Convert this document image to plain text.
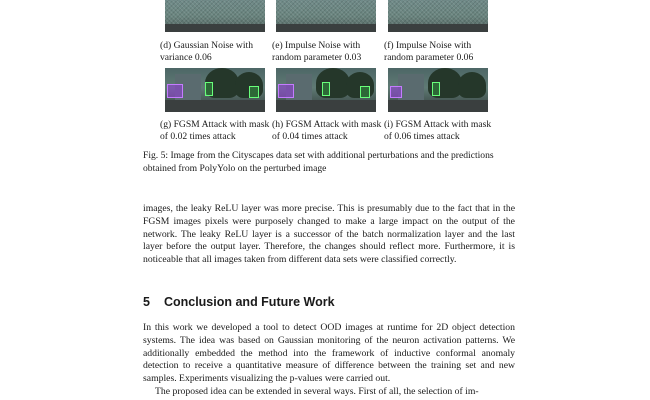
(d) Gaussian Noise with variance 0.06
(e) Impulse Noise with random parameter 0.03
(f) Impulse Noise with random parameter 0.06
(g) FGSM Attack with mask of 0.02 times attack
(h) FGSM Attack with mask of 0.04 times attack
(i) FGSM Attack with mask of 0.06 times attack
Fig. 5: Image from the Cityscapes data set with additional perturbations and the predictions obtained from PolyYolo on the perturbed image
images, the leaky ReLU layer was more precise. This is presumably due to the fact that in the FGSM images pixels were purposely changed to make a large impact on the output of the network. The leaky ReLU layer is a successor of the batch normalization layer and the last layer before the output layer. Therefore, the changes should reflect more. Furthermore, it is noticeable that all images taken from different data sets were classified correctly.
5 Conclusion and Future Work
In this work we developed a tool to detect OOD images at runtime for 2D object detection systems. The idea was based on Gaussian monitoring of the neuron activation patterns. We additionally embedded the method into the framework of inductive conformal anomaly detection to receive a quantitative measure of difference between the training set and new samples. Experiments visualizing the p-values were carried out.
The proposed idea can be extended in several ways. First of all, the selection of im-
